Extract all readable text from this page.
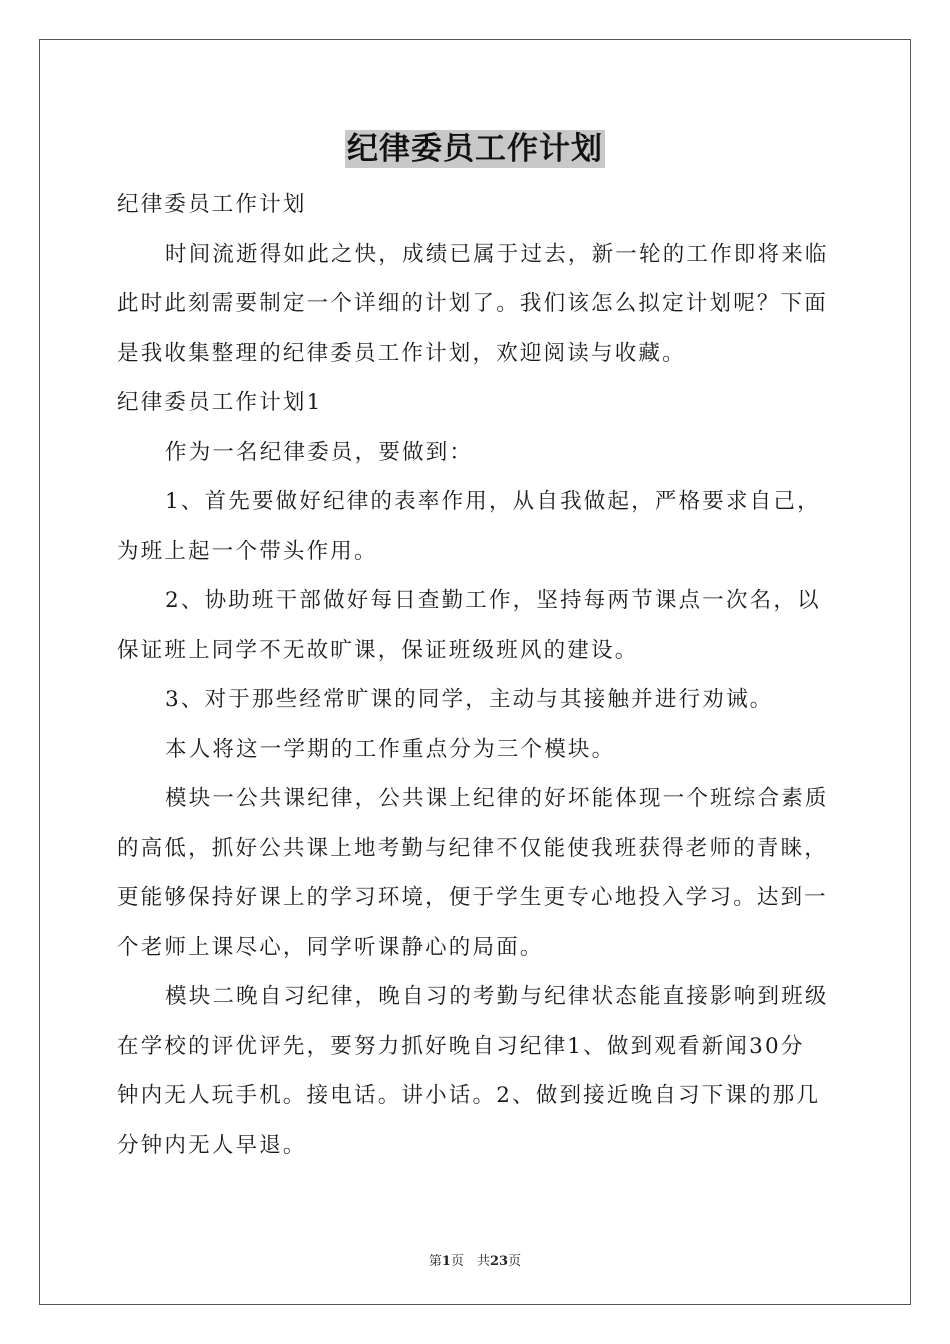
纪律委员工作计划

纪律委员工作计划

时间流逝得如此之快，成绩已属于过去，新一轮的工作即将来临

此时此刻需要制定一个详细的计划了。我们该怎么拟定计划呢？下面

是我收集整理的纪律委员工作计划，欢迎阅读与收藏。

纪律委员工作计划1

作为一名纪律委员，要做到：

1、首先要做好纪律的表率作用，从自我做起，严格要求自己，

为班上起一个带头作用。

2、协助班干部做好每日查勤工作，坚持每两节课点一次名，以

保证班上同学不无故旷课，保证班级班风的建设。

3、对于那些经常旷课的同学，主动与其接触并进行劝诫。

本人将这一学期的工作重点分为三个模块。

模块一公共课纪律，公共课上纪律的好坏能体现一个班综合素质

的高低，抓好公共课上地考勤与纪律不仅能使我班获得老师的青睐，

更能够保持好课上的学习环境，便于学生更专心地投入学习。达到一

个老师上课尽心，同学听课静心的局面。

模块二晚自习纪律，晚自习的考勤与纪律状态能直接影响到班级

在学校的评优评先，要努力抓好晚自习纪律1、做到观看新闻30分

钟内无人玩手机。接电话。讲小话。2、做到接近晚自习下课的那几

分钟内无人早退。

第1页　共23页
